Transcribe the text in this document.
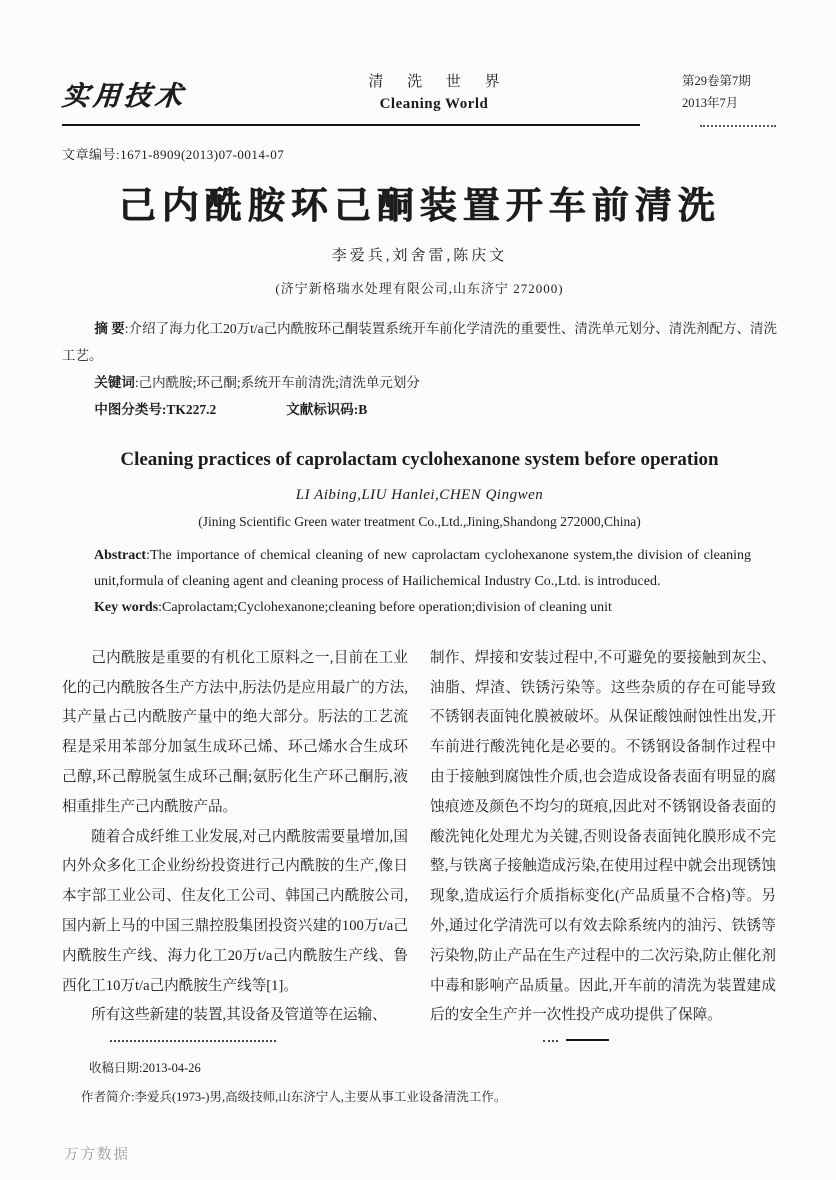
实用技术	清 洗 世 界
Cleaning World
第29卷第7期
2013年7月
文章编号:1671-8909(2013)07-0014-07
己内酰胺环己酮装置开车前清洗
李爱兵,刘舍雷,陈庆文
(济宁新格瑞水处理有限公司,山东济宁 272000)

摘 要:介绍了海力化工20万t/a己内酰胺环己酮装置系统开车前化学清洗的重要性、清洗单元划分、清洗剂配方、清洗工艺。

关键词:己内酰胺;环己酮;系统开车前清洗;清洗单元划分

中图分类号:TK227.2	文献标识码:B

Cleaning practices of caprolactam cyclohexanone system before operation
LI Aibing,LIU Hanlei,CHEN Qingwen
(Jining Scientific Green water treatment Co.,Ltd.,Jining,Shandong 272000,China)

Abstract:The importance of chemical cleaning of new caprolactam cyclohexanone system,the division of cleaning unit,formula of cleaning agent and cleaning process of Hailichemical Industry Co.,Ltd. is introduced.

Key words:Caprolactam;Cyclohexanone;cleaning before operation;division of cleaning unit

己内酰胺是重要的有机化工原料之一,目前在工业化的己内酰胺各生产方法中,肟法仍是应用最广的方法,其产量占己内酰胺产量中的绝大部分。肟法的工艺流程是采用苯部分加氢生成环己烯、环己烯水合生成环己醇,环己醇脱氢生成环己酮;氨肟化生产环己酮肟,液相重排生产己内酰胺产品。

随着合成纤维工业发展,对己内酰胺需要量增加,国内外众多化工企业纷纷投资进行己内酰胺的生产,像日本宇部工业公司、住友化工公司、韩国己内酰胺公司,国内新上马的中国三鼎控股集团投资兴建的100万t/a己内酰胺生产线、海力化工20万t/a己内酰胺生产线、鲁西化工10万t/a己内酰胺生产线等[1]。

所有这些新建的装置,其设备及管道等在运输、

制作、焊接和安装过程中,不可避免的要接触到灰尘、油脂、焊渣、铁锈污染等。这些杂质的存在可能导致不锈钢表面钝化膜被破坏。从保证酸蚀耐蚀性出发,开车前进行酸洗钝化是必要的。不锈钢设备制作过程中由于接触到腐蚀性介质,也会造成设备表面有明显的腐蚀痕迹及颜色不均匀的斑痕,因此对不锈钢设备表面的酸洗钝化处理尤为关键,否则设备表面钝化膜形成不完整,与铁离子接触造成污染,在使用过程中就会出现锈蚀现象,造成运行介质指标变化(产品质量不合格)等。另外,通过化学清洗可以有效去除系统内的油污、铁锈等污染物,防止产品在生产过程中的二次污染,防止催化剂中毒和影响产品质量。因此,开车前的清洗为装置建成后的安全生产并一次性投产成功提供了保障。

收稿日期:2013-04-26
作者简介:李爱兵(1973-)男,高级技师,山东济宁人,主要从事工业设备清洗工作。
万方数据
